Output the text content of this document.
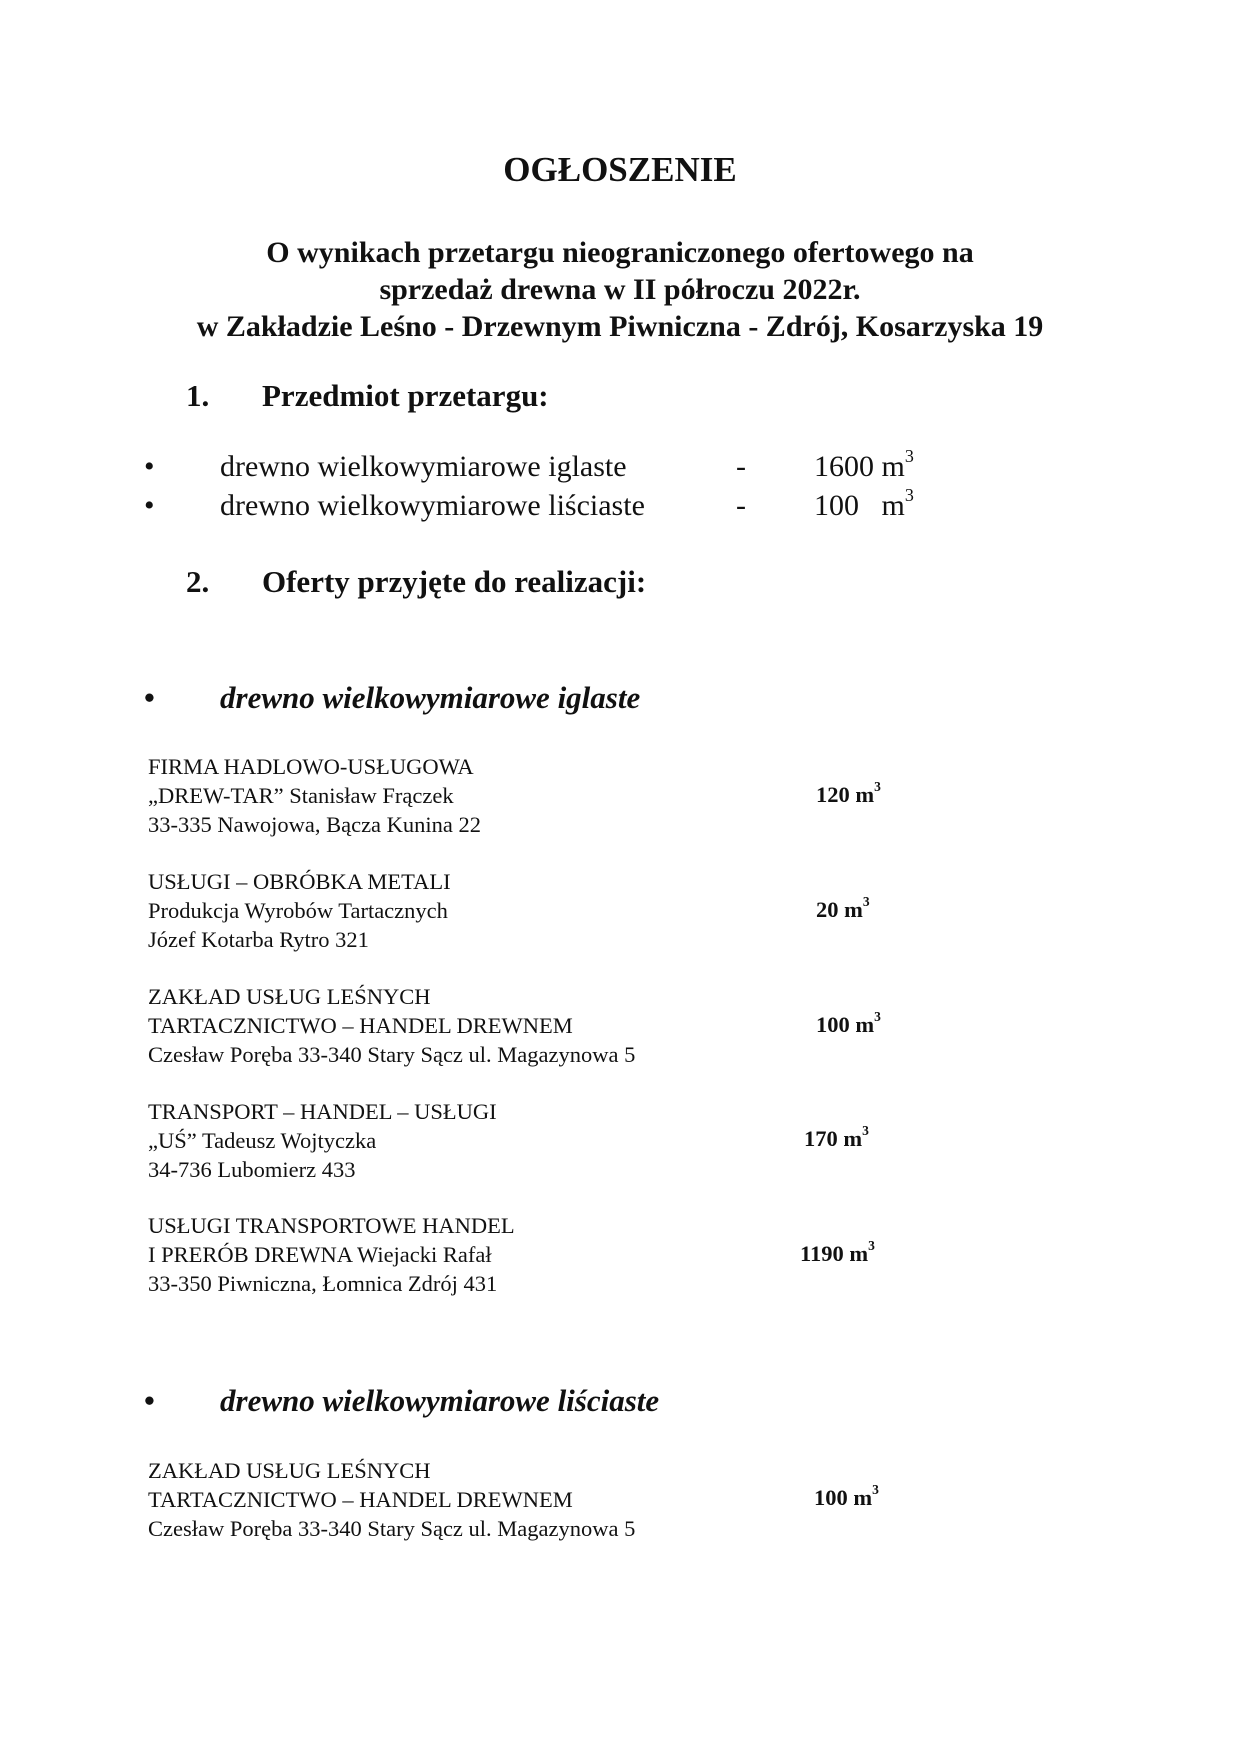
OGŁOSZENIE
O wynikach przetargu nieograniczonego ofertowego na
sprzedaż drewna w II półroczu 2022r.
w Zakładzie Leśno - Drzewnym Piwniczna - Zdrój, Kosarzyska 19
1. Przedmiot przetargu:
• drewno wielkowymiarowe iglaste	- 1600 $m^3$
• drewno wielkowymiarowe liściaste	- 100   $m^3$
2. Oferty przyjęte do realizacji:
• drewno wielkowymiarowe iglaste
FIRMA HADLOWO-USŁUGOWA
„DREW-TAR” Stanisław Frączek
33-335 Nawojowa, Bącza Kunina 22
120 $m^3$
USŁUGI – OBRÓBKA METALI
Produkcja Wyrobów Tartacznych
Józef Kotarba Rytro 321
20 $m^3$
ZAKŁAD USŁUG LEŚNYCH
TARTACZNICTWO – HANDEL DREWNEM
Czesław Poręba 33-340 Stary Sącz ul. Magazynowa 5
100 $m^3$
TRANSPORT – HANDEL – USŁUGI
„UŚ” Tadeusz Wojtyczka
34-736 Lubomierz 433
170 $m^3$
USŁUGI TRANSPORTOWE HANDEL
I PRERÓB DREWNA Wiejacki Rafał
33-350 Piwniczna, Łomnica Zdrój 431
1190 $m^3$
• drewno wielkowymiarowe liściaste
ZAKŁAD USŁUG LEŚNYCH
TARTACZNICTWO – HANDEL DREWNEM
Czesław Poręba 33-340 Stary Sącz ul. Magazynowa 5
100 $m^3$
